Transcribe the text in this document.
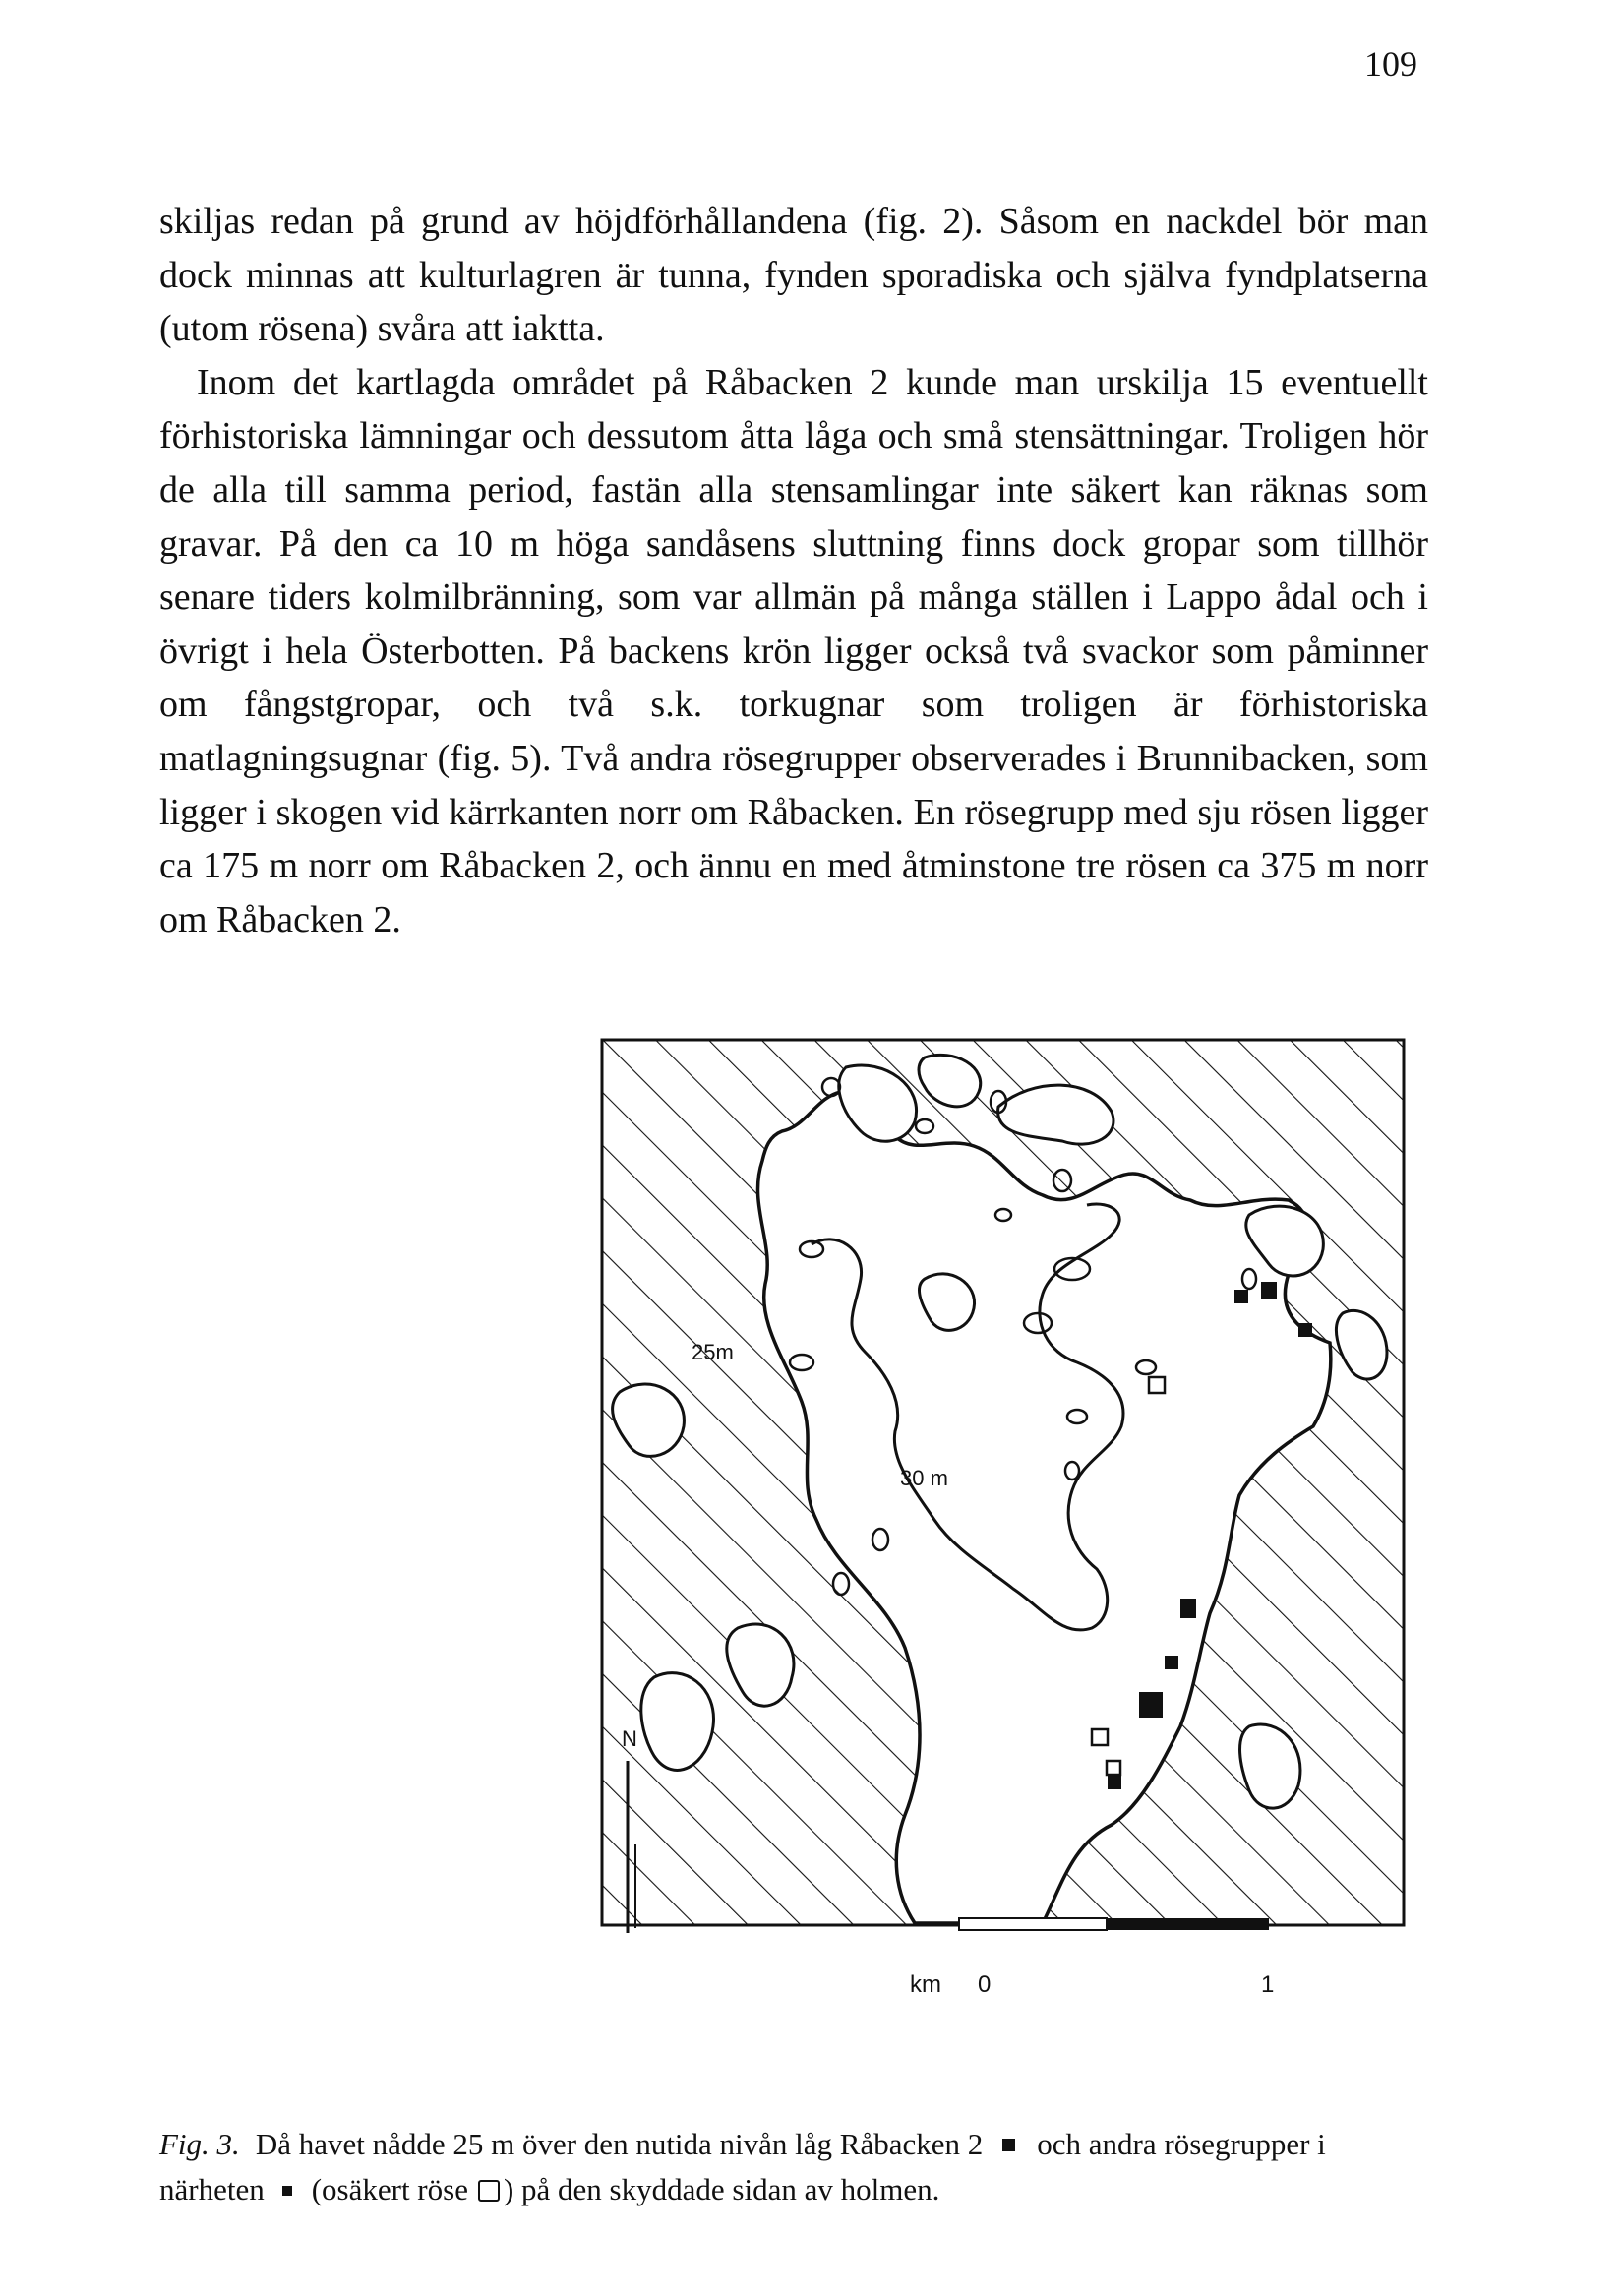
109

skiljas redan på grund av höjdförhållandena (fig. 2). Såsom en nackdel bör man dock minnas att kulturlagren är tunna, fynden sporadiska och själva fyndplatserna (utom rösena) svåra att iaktta.

Inom det kartlagda området på Råbacken 2 kunde man urskilja 15 eventuellt förhistoriska lämningar och dessutom åtta låga och små stensättningar. Troligen hör de alla till samma period, fastän alla stensamlingar inte säkert kan räknas som gravar. På den ca 10 m höga sandåsens sluttning finns dock gropar som tillhör senare tiders kolmilbränning, som var allmän på många ställen i Lappo ådal och i övrigt i hela Österbotten. På backens krön ligger också två svackor som påminner om fångstgropar, och två s.k. torkugnar som troligen är förhistoriska matlagningsugnar (fig. 5). Två andra rösegrupper observerades i Brunnibacken, som ligger i skogen vid kärrkanten norr om Råbacken. En rösegrupp med sju rösen ligger ca 175 m norr om Råbacken 2, och ännu en med åtminstone tre rösen ca 375 m norr om Råbacken 2.

25m
30 m
N
km 0	1
Fig. 3. Då havet nådde 25 m över den nutida nivån låg Råbacken 2 och andra rösegrupper i närheten (osäkert röse ) på den skyddade sidan av holmen.
